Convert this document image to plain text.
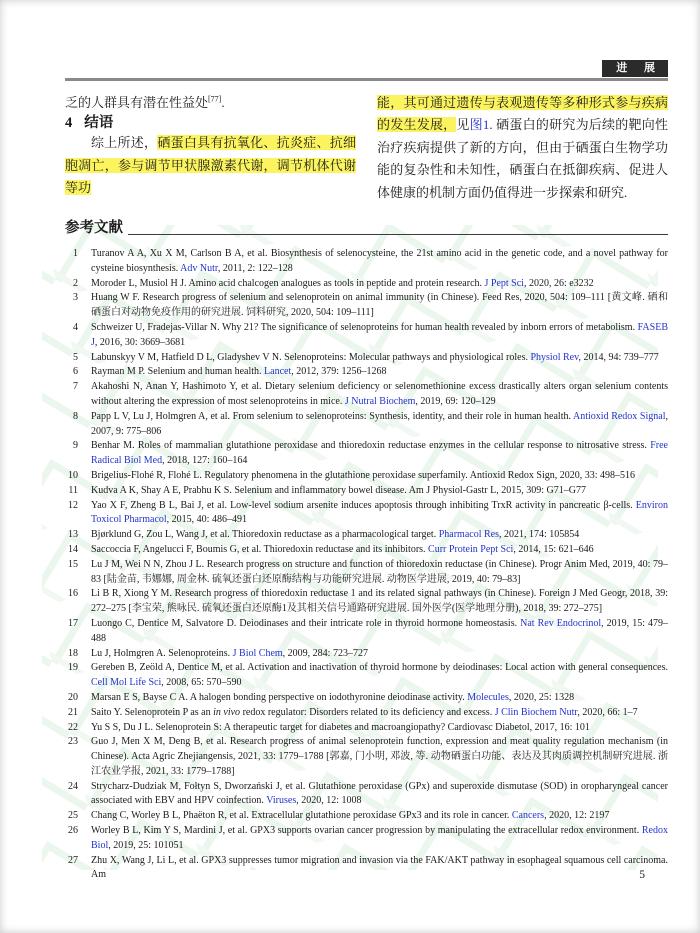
进 展

乏的人群具有潜在性益处[77].

4 结语

综上所述，硒蛋白具有抗氧化、抗炎症、抗细胞凋亡，参与调节甲状腺激素代谢，调节机体代谢等功

能，其可通过遗传与表观遗传等多种形式参与疾病的发生发展，见图1. 硒蛋白的研究为后续的靶向性治疗疾病提供了新的方向，但由于硒蛋白生物学功能的复杂性和未知性，硒蛋白在抵御疾病、促进人体健康的机制方面仍值得进一步探索和研究.

参考文献
1 Turanov A A, Xu X M, Carlson B A, et al. Biosynthesis of selenocysteine, the 21st amino acid in the genetic code, and a novel pathway for cysteine biosynthesis. Adv Nutr, 2011, 2: 122–128
2 Moroder L, Musiol H J. Amino acid chalcogen analogues as tools in peptide and protein research. J Pept Sci, 2020, 26: e3232
3 Huang W F. Research progress of selenium and selenoprotein on animal immunity (in Chinese). Feed Res, 2020, 504: 109–111 [黄文峰. 硒和硒蛋白对动物免疫作用的研究进展. 饲料研究, 2020, 504: 109–111]
4 Schweizer U, Fradejas-Villar N. Why 21? The significance of selenoproteins for human health revealed by inborn errors of metabolism. FASEB J, 2016, 30: 3669–3681
5 Labunskyy V M, Hatfield D L, Gladyshev V N. Selenoproteins: Molecular pathways and physiological roles. Physiol Rev, 2014, 94: 739–777
6 Rayman M P. Selenium and human health. Lancet, 2012, 379: 1256–1268
7 Akahoshi N, Anan Y, Hashimoto Y, et al. Dietary selenium deficiency or selenomethionine excess drastically alters organ selenium contents without altering the expression of most selenoproteins in mice. J Nutral Biochem, 2019, 69: 120–129
8 Papp L V, Lu J, Holmgren A, et al. From selenium to selenoproteins: Synthesis, identity, and their role in human health. Antioxid Redox Signal, 2007, 9: 775–806
9 Benhar M. Roles of mammalian glutathione peroxidase and thioredoxin reductase enzymes in the cellular response to nitrosative stress. Free Radical Biol Med, 2018, 127: 160–164
10 Brigelius-Flohé R, Flohé L. Regulatory phenomena in the glutathione peroxidase superfamily. Antioxid Redox Sign, 2020, 33: 498–516
11 Kudva A K, Shay A E, Prabhu K S. Selenium and inflammatory bowel disease. Am J Physiol-Gastr L, 2015, 309: G71–G77
12 Yao X F, Zheng B L, Bai J, et al. Low-level sodium arsenite induces apoptosis through inhibiting TrxR activity in pancreatic β-cells. Environ Toxicol Pharmacol, 2015, 40: 486–491
13 Bjørklund G, Zou L, Wang J, et al. Thioredoxin reductase as a pharmacological target. Pharmacol Res, 2021, 174: 105854
14 Saccoccia F, Angelucci F, Boumis G, et al. Thioredoxin reductase and its inhibitors. Curr Protein Pept Sci, 2014, 15: 621–646
15 Lu J M, Wei N N, Zhou J L. Research progress on structure and function of thioredoxin reductase (in Chinese). Progr Anim Med, 2019, 40: 79–83 [陆金苗, 韦娜娜, 周金林. 硫氧还蛋白还原酶结构与功能研究进展. 动物医学进展, 2019, 40: 79–83]
16 Li B R, Xiong Y M. Research progress of thioredoxin reductase 1 and its related signal pathways (in Chinese). Foreign J Med Geogr, 2018, 39: 272–275 [李宝荣, 熊咏民. 硫氧还蛋白还原酶1及其相关信号通路研究进展. 国外医学(医学地理分册), 2018, 39: 272–275]
17 Luongo C, Dentice M, Salvatore D. Deiodinases and their intricate role in thyroid hormone homeostasis. Nat Rev Endocrinol, 2019, 15: 479–488
18 Lu J, Holmgren A. Selenoproteins. J Biol Chem, 2009, 284: 723–727
19 Gereben B, Zeöld A, Dentice M, et al. Activation and inactivation of thyroid hormone by deiodinases: Local action with general consequences. Cell Mol Life Sci, 2008, 65: 570–590
20 Marsan E S, Bayse C A. A halogen bonding perspective on iodothyronine deiodinase activity. Molecules, 2020, 25: 1328
21 Saito Y. Selenoprotein P as an in vivo redox regulator: Disorders related to its deficiency and excess. J Clin Biochem Nutr, 2020, 66: 1–7
22 Yu S S, Du J L. Selenoprotein S: A therapeutic target for diabetes and macroangiopathy? Cardiovasc Diabetol, 2017, 16: 101
23 Guo J, Men X M, Deng B, et al. Research progress of animal selenoprotein function, expression and meat quality regulation mechanism (in Chinese). Acta Agric Zhejiangensis, 2021, 33: 1779–1788 [郭嘉, 门小明, 邓波, 等. 动物硒蛋白功能、表达及其肉质调控机制研究进展. 浙江农业学报, 2021, 33: 1779–1788]
24 Strycharz-Dudziak M, Fołtyn S, Dworzański J, et al. Glutathione peroxidase (GPx) and superoxide dismutase (SOD) in oropharyngeal cancer associated with EBV and HPV coinfection. Viruses, 2020, 12: 1008
25 Chang C, Worley B L, Phaëton R, et al. Extracellular glutathione peroxidase GPx3 and its role in cancer. Cancers, 2020, 12: 2197
26 Worley B L, Kim Y S, Mardini J, et al. GPX3 supports ovarian cancer progression by manipulating the extracellular redox environment. Redox Biol, 2019, 25: 101051
27 Zhu X, Wang J, Li L, et al. GPX3 suppresses tumor migration and invasion via the FAK/AKT pathway in esophageal squamous cell carcinoma. Am	5
